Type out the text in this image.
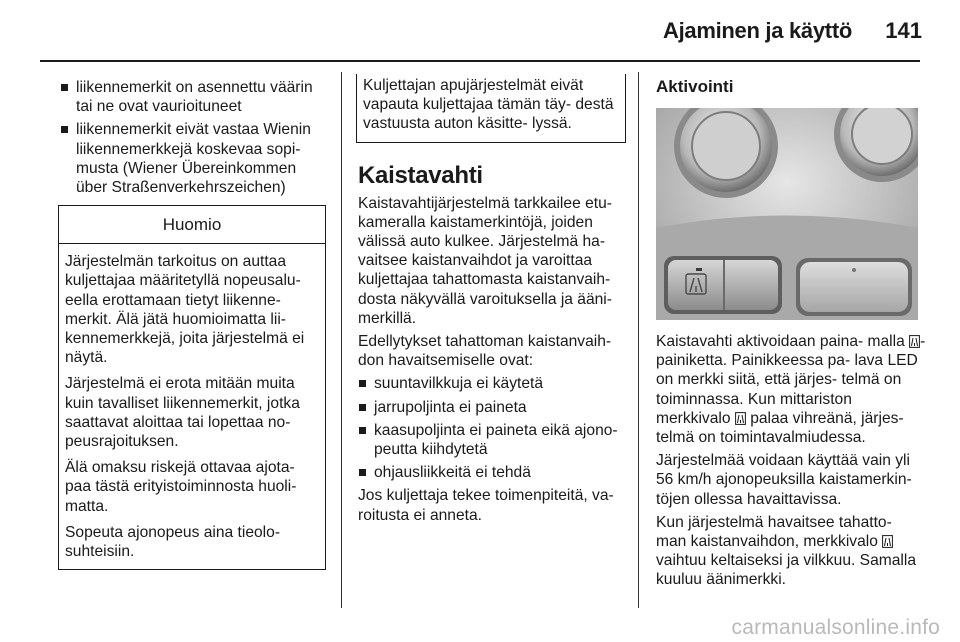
Ajaminen ja käyttö	141
liikennemerkit on asennettu väärin tai ne ovat vaurioituneet
liikennemerkit eivät vastaa Wienin liikennemerkkejä koskevaa sopi- musta (Wiener Übereinkommen über Straßenverkehrszeichen)
Huomio

Järjestelmän tarkoitus on auttaa kuljettajaa määritetyllä nopeusalu- eella erottamaan tietyt liikenne- merkit. Älä jätä huomioimatta lii- kennemerkkejä, joita järjestelmä ei näytä.

Järjestelmä ei erota mitään muita kuin tavalliset liikennemerkit, jotka saattavat aloittaa tai lopettaa no- peusrajoituksen.

Älä omaksu riskejä ottavaa ajota- paa tästä erityistoiminnosta huoli- matta.

Sopeuta ajonopeus aina tieolo- suhteisiin.

Kuljettajan apujärjestelmät eivät vapauta kuljettajaa tämän täy- destä vastuusta auton käsitte- lyssä.

Kaistavahti

Kaistavahtijärjestelmä tarkkailee etu- kameralla kaistamerkintöjä, joiden välissä auto kulkee. Järjestelmä ha- vaitsee kaistanvaihdot ja varoittaa kuljettajaa tahattomasta kaistanvaih- dosta näkyvällä varoituksella ja ääni- merkillä.

Edellytykset tahattoman kaistanvaih- don havaitsemiselle ovat:

suuntavilkkuja ei käytetä
jarrupoljinta ei paineta
kaasupoljinta ei paineta eikä ajono- peutta kiihdytetä
ohjausliikkeitä ei tehdä

Jos kuljettaja tekee toimenpiteitä, va- roitusta ei anneta.

Aktivointi

Kaistavahti aktivoidaan paina- malla -painiketta. Painikkeessa pa- lava LED on merkki siitä, että järjes- telmä on toiminnassa. Kun mittariston merkkivalo  palaa vihreänä, järjes- telmä on toimintavalmiudessa.

Järjestelmää voidaan käyttää vain yli 56 km/h ajonopeuksilla kaistamerkin- töjen ollessa havaittavissa.

Kun järjestelmä havaitsee tahatto- man kaistanvaihdon, merkkivalo  vaihtuu keltaiseksi ja vilkkuu. Samalla kuuluu äänimerkki.

carmanualsonline.info
